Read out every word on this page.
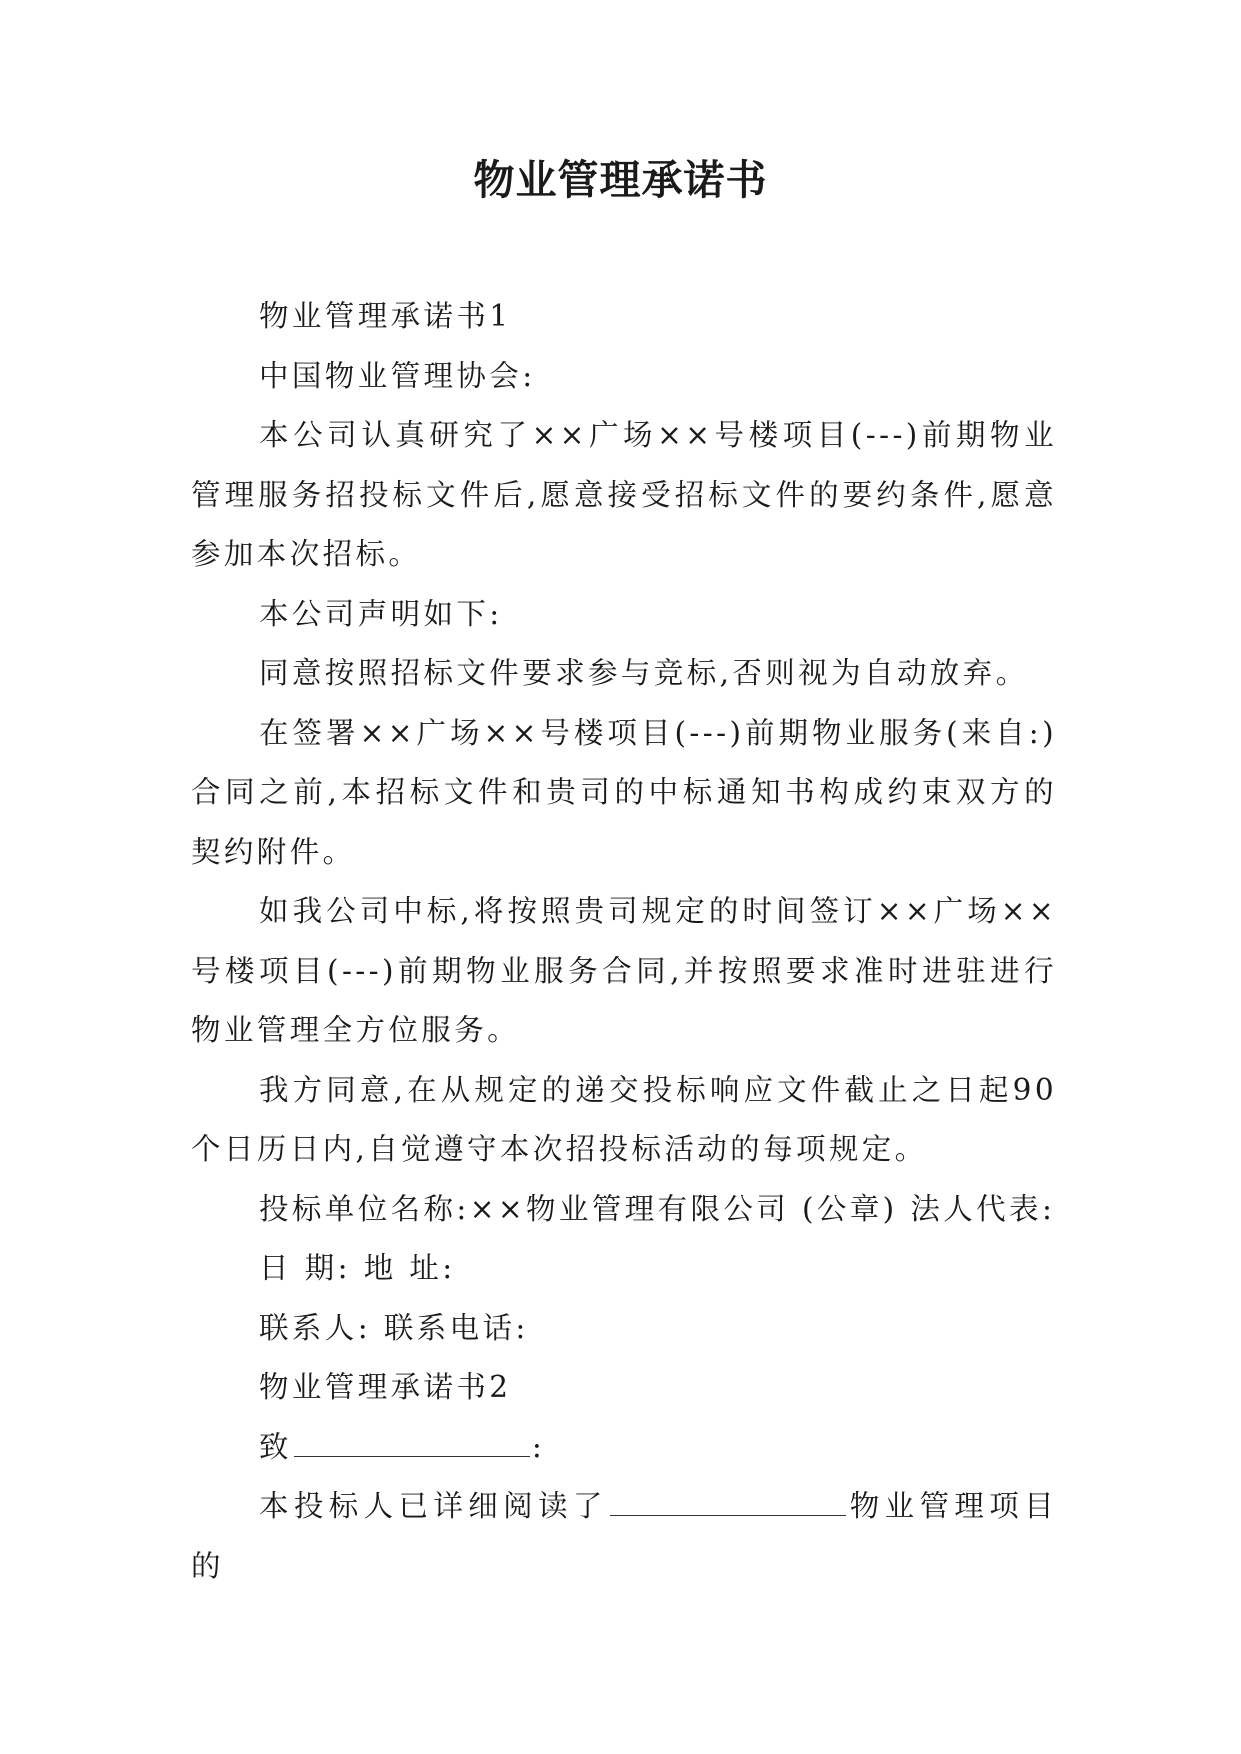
物业管理承诺书

物业管理承诺书1

中国物业管理协会:

本公司认真研究了××广场××号楼项目(---)前期物业管理服务招投标文件后,愿意接受招标文件的要约条件,愿意参加本次招标。

本公司声明如下:

同意按照招标文件要求参与竞标,否则视为自动放弃。

在签署××广场××号楼项目(---)前期物业服务(来自:)合同之前,本招标文件和贵司的中标通知书构成约束双方的契约附件。

如我公司中标,将按照贵司规定的时间签订××广场××号楼项目(---)前期物业服务合同,并按照要求准时进驻进行物业管理全方位服务。

我方同意,在从规定的递交投标响应文件截止之日起90个日历日内,自觉遵守本次招投标活动的每项规定。

投标单位名称:××物业管理有限公司 (公章) 法人代表:

日 期: 地 址:

联系人: 联系电话:

物业管理承诺书2

致	:

本投标人已详细阅读了	物业管理项目的
